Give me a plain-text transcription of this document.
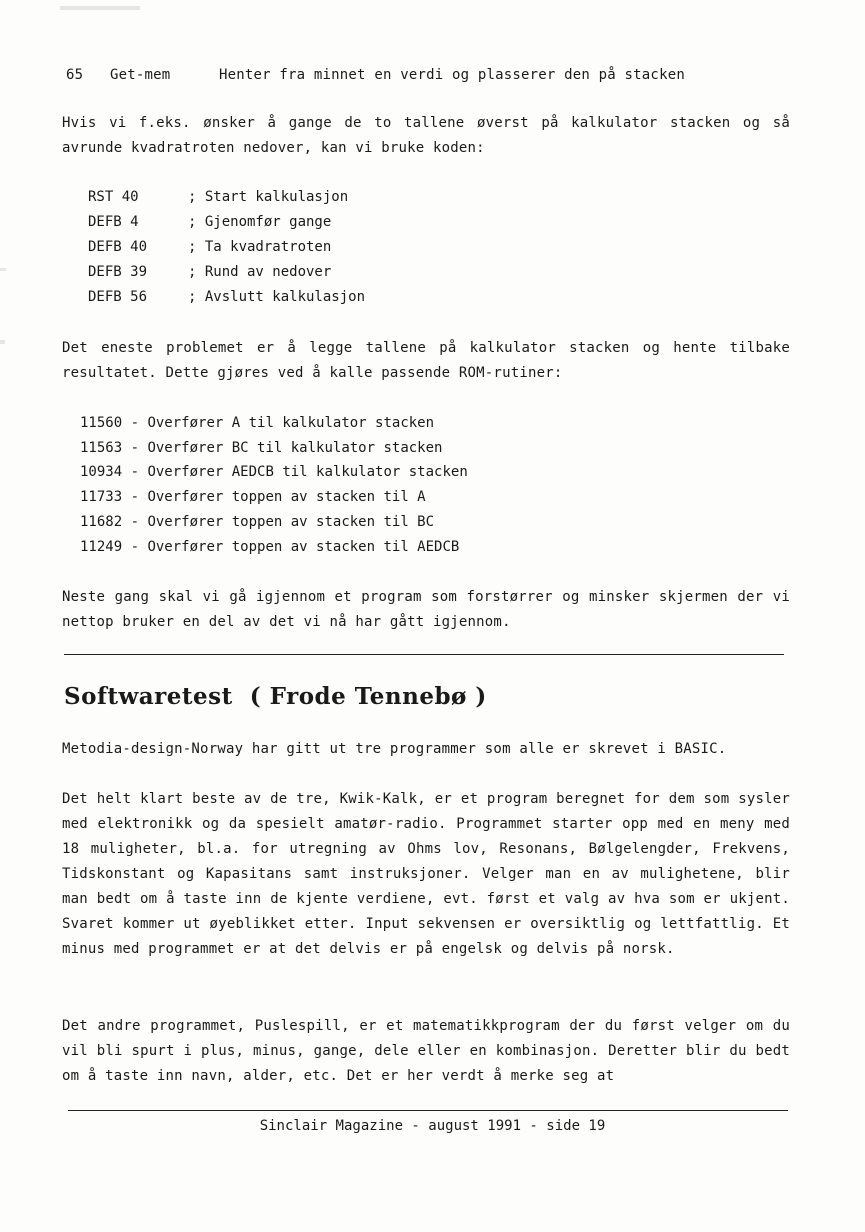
65 Get-mem	Henter fra minnet en verdi og plasserer den på stacken
Hvis vi f.eks. ønsker å gange de to tallene øverst på kalkulator stacken og så avrunde kvadratroten nedover, kan vi bruke koden:
RST 40	; Start kalkulasjon
DEFB 4	; Gjenomfør gange
DEFB 40	; Ta kvadratroten
DEFB 39	; Rund av nedover
DEFB 56	; Avslutt kalkulasjon
Det eneste problemet er å legge tallene på kalkulator stacken og hente tilbake resultatet. Dette gjøres ved å kalle passende ROM-rutiner:
11560 - Overfører A til kalkulator stacken
11563 - Overfører BC til kalkulator stacken
10934 - Overfører AEDCB til kalkulator stacken
11733 - Overfører toppen av stacken til A
11682 - Overfører toppen av stacken til BC
11249 - Overfører toppen av stacken til AEDCB
Neste gang skal vi gå igjennom et program som forstørrer og minsker skjermen der vi nettop bruker en del av det vi nå har gått igjennom.
Softwaretest  ( Frode Tennebø )
Metodia-design-Norway har gitt ut tre programmer som alle er skrevet i BASIC.
Det helt klart beste av de tre, Kwik-Kalk, er et program beregnet for dem som sysler med elektronikk og da spesielt amatør-radio. Programmet starter opp med en meny med 18 muligheter, bl.a. for utregning av Ohms lov, Resonans, Bølgelengder, Frekvens, Tidskonstant og Kapasitans samt instruksjoner. Velger man en av mulighetene, blir man bedt om å taste inn de kjente verdiene, evt. først et valg av hva som er ukjent. Svaret kommer ut øyeblikket etter. Input sekvensen er oversiktlig og lettfattlig. Et minus med programmet er at det delvis er på engelsk og delvis på norsk.
Det andre programmet, Puslespill, er et matematikkprogram der du først velger om du vil bli spurt i plus, minus, gange, dele eller en kombinasjon. Deretter blir du bedt om å taste inn navn, alder, etc. Det er her verdt å merke seg at
Sinclair Magazine - august 1991 - side 19
